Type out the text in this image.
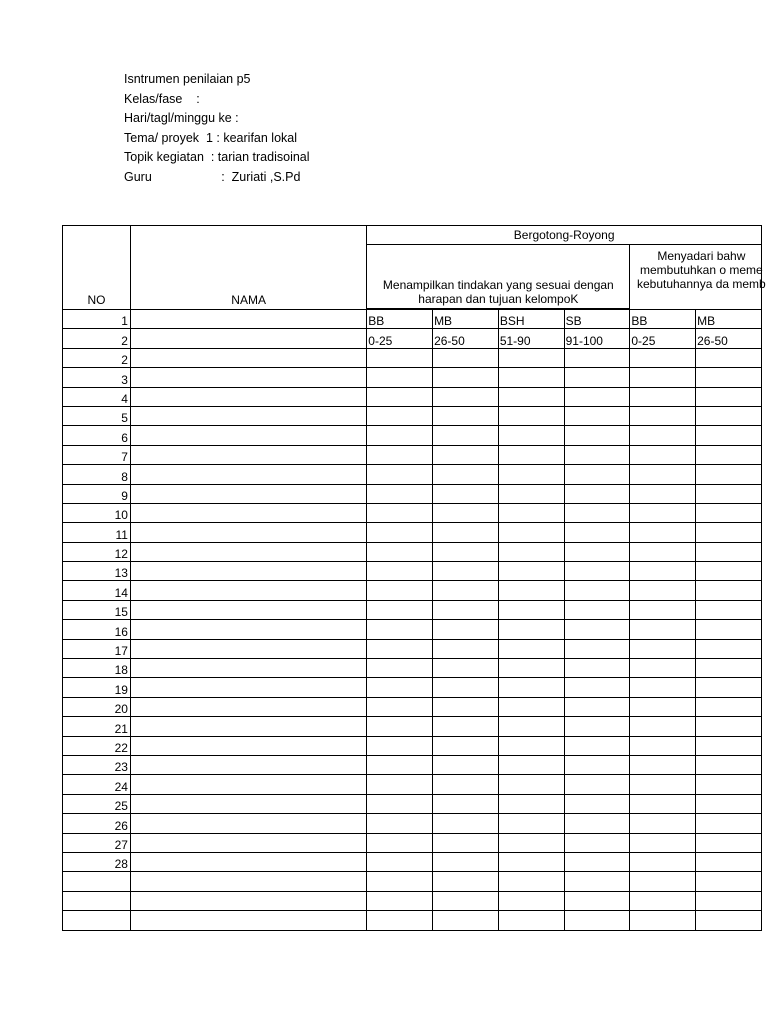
Isntrumen penilaian p5
Kelas/fase    :
Hari/tagl/minggu ke :
Tema/ proyek  1 : kearifan lokal
Topik kegiatan  : tarian tradisoinal
Guru                    :  Zuriati ,S.Pd
NO	NAMA	Bergotong-Royong					
		Menampilkan tindakan yang sesuai dengan harapan dan tujuan kelompoK				Menyadari bahw membutuhkan o meme kebutuhannya da memb	

1		BB	MB	BSH	SB	BB	MB
2		0-25	26-50	51-90	91-100	0-25	26-50
2							
3							
4							
5							
6							
7							
8							
9							
10							
11							
12							
13							
14							
15							
16							
17							
18							
19							
20							
21							
22							
23							
24							
25							
26							
27							
28							
